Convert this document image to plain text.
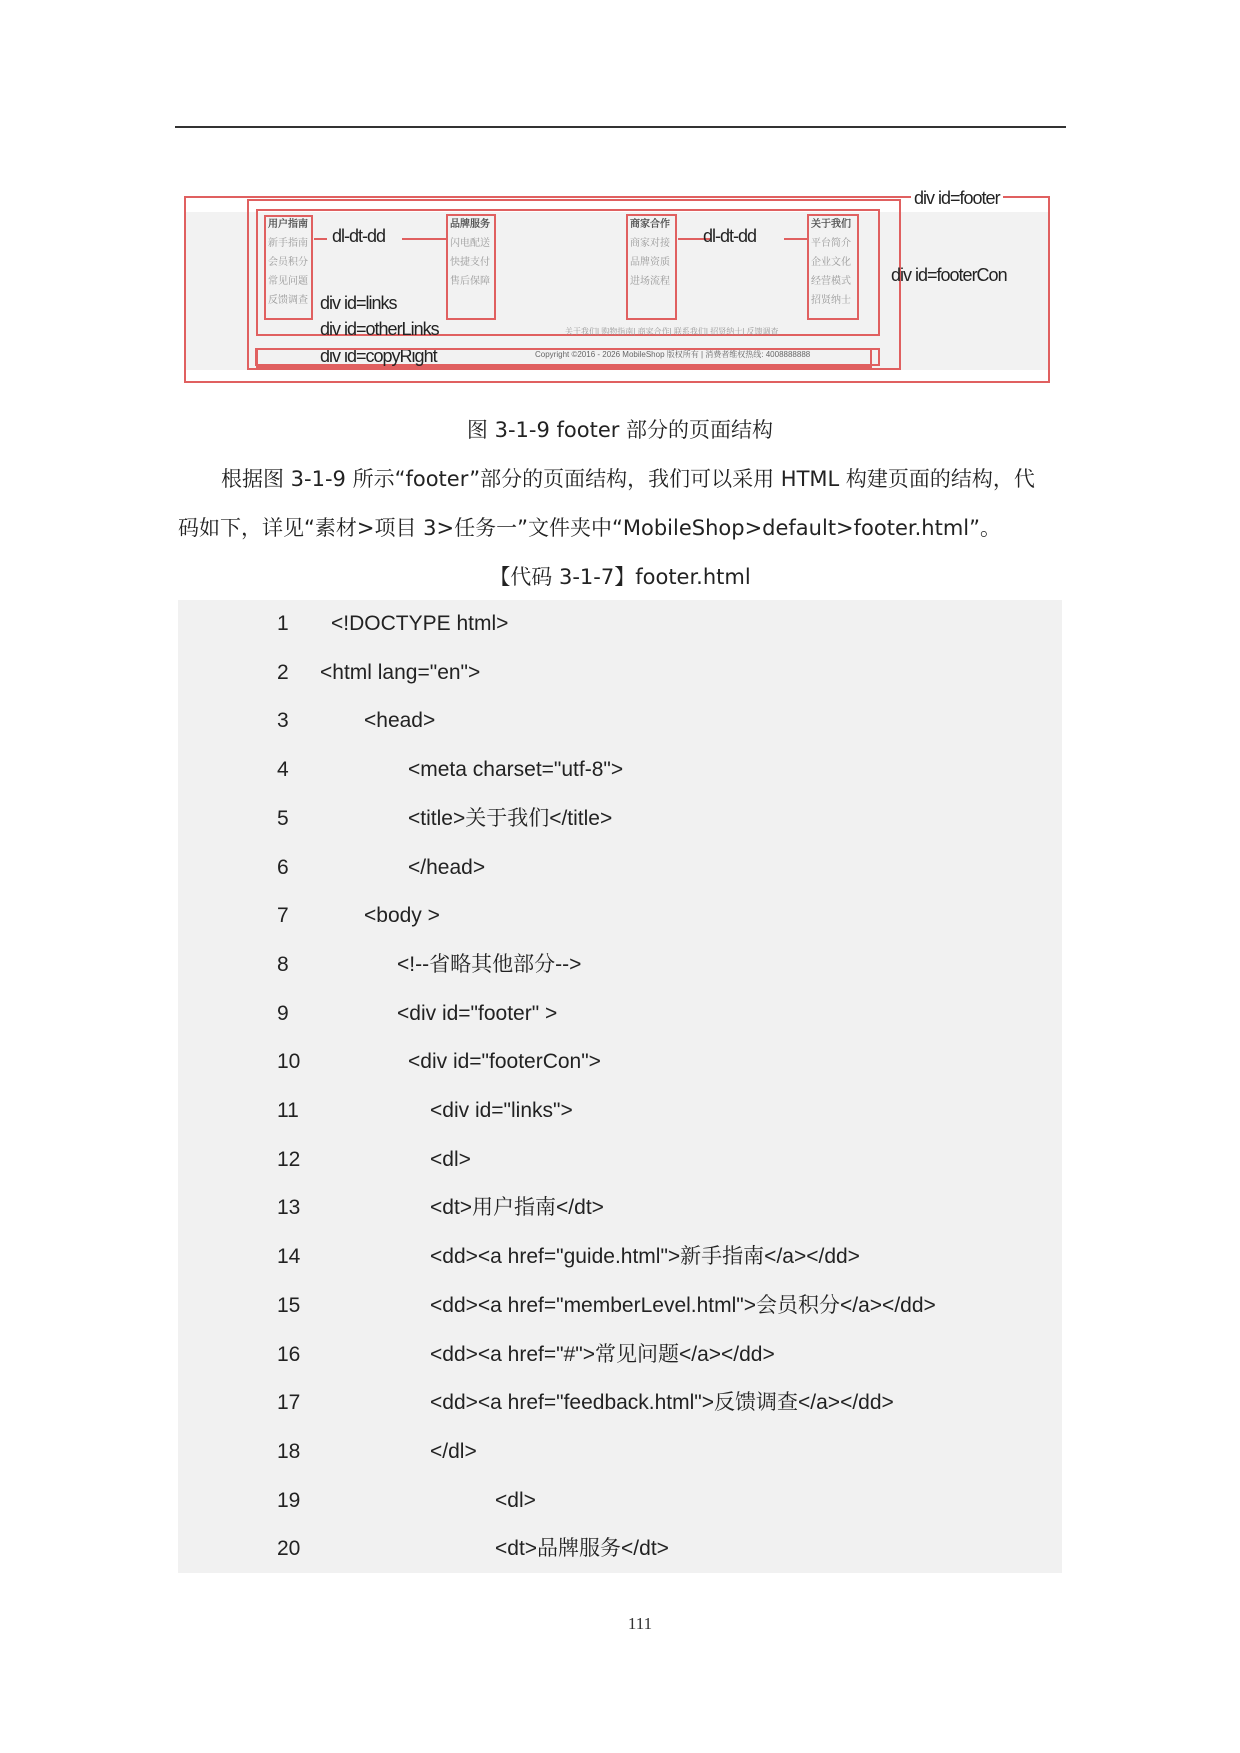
用户指南
新手指南
会员积分
常见问题
反馈调查
品牌服务
闪电配送
快捷支付
售后保障
商家合作
商家对接
品牌资质
进场流程
关于我们
平台简介
企业文化
经营模式
招贤纳士
dl-dt-dd	dl-dt-dd
div id=links
div id=otherLinks
div id=copyRight
div id=footer
div id=footerCon
关于我们| 购物指南| 商家合作| 联系我们| 招贤纳士| 反馈调查
Copyright ©2016 - 2026 MobileShop 版权所有 | 消费者维权热线: 4008888888
图 3-1-9 footer 部分的页面结构

根据图 3-1-9 所示“footer”部分的页面结构，我们可以采用 HTML 构建页面的结构，代

码如下，详见“素材>项目 3>任务一”文件夹中“MobileShop>default>footer.html”。

【代码 3-1-7】footer.html
1 <!DOCTYPE html>
2 <html lang="en">
3	<head>
4	<meta charset="utf-8">
5	<title>关于我们</title>
6	</head>
7	<body >
8	<!--省略其他部分-->
9	<div id="footer" >
10	<div id="footerCon">
11	<div id="links">
12	<dl>
13	<dt>用户指南</dt>
14	<dd><a href="guide.html">新手指南</a></dd>
15	<dd><a href="memberLevel.html">会员积分</a></dd>
16	<dd><a href="#">常见问题</a></dd>
17	<dd><a href="feedback.html">反馈调查</a></dd>
18	</dl>
19	<dl>
20	<dt>品牌服务</dt>
111
